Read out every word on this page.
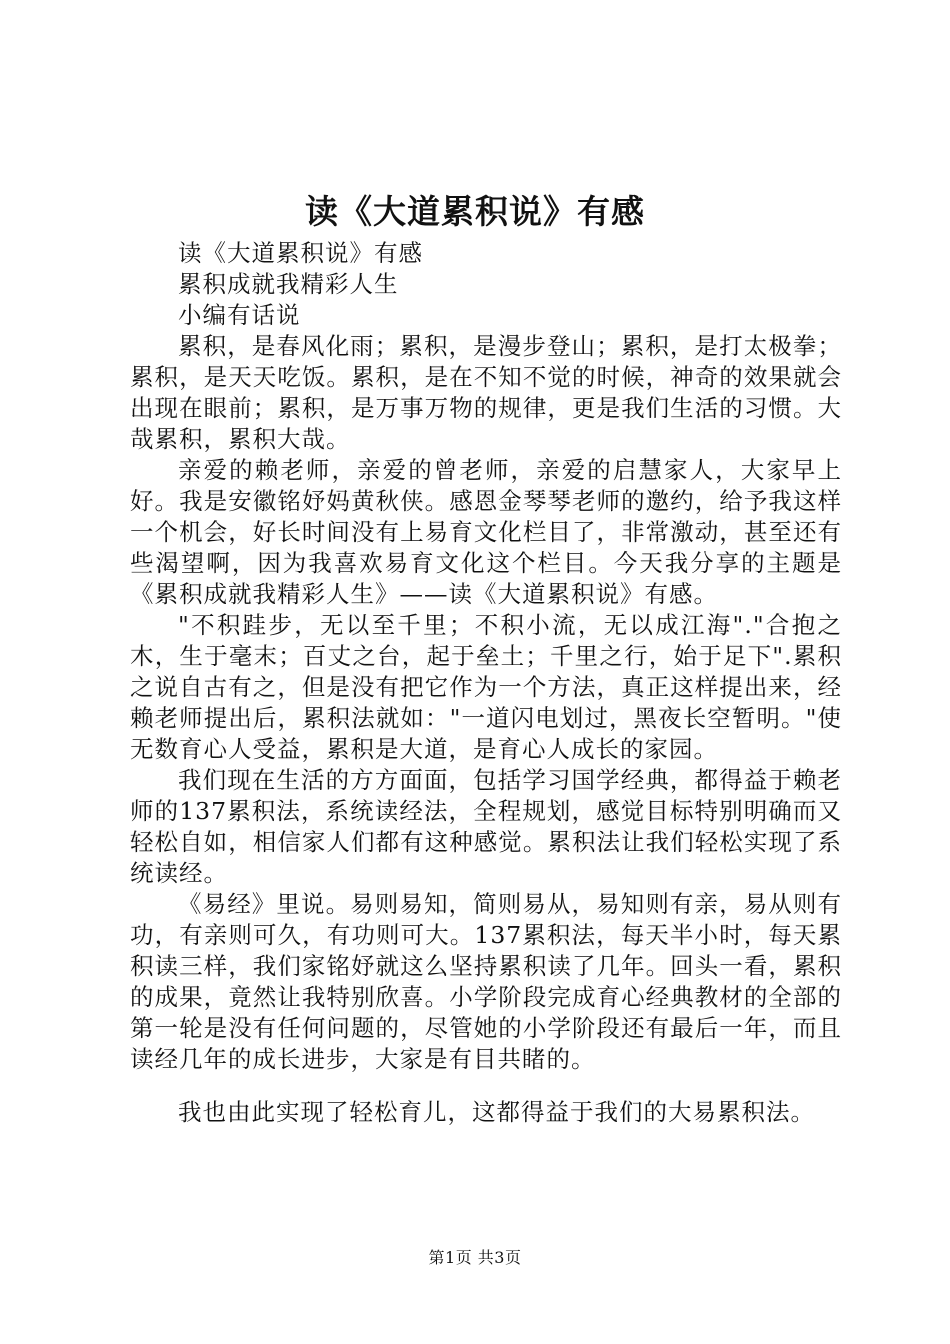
读《大道累积说》有感

读《大道累积说》有感

累积成就我精彩人生

小编有话说

累积，是春风化雨；累积，是漫步登山；累积，是打太极拳；累积，是天天吃饭。累积，是在不知不觉的时候，神奇的效果就会出现在眼前；累积，是万事万物的规律，更是我们生活的习惯。大哉累积，累积大哉。

亲爱的赖老师，亲爱的曾老师，亲爱的启慧家人，大家早上好。我是安徽铭妤妈黄秋侠。感恩金琴琴老师的邀约，给予我这样一个机会，好长时间没有上易育文化栏目了，非常激动，甚至还有些渴望啊，因为我喜欢易育文化这个栏目。今天我分享的主题是《累积成就我精彩人生》——读《大道累积说》有感。

"不积跬步，无以至千里；不积小流，无以成江海"."合抱之木，生于毫末；百丈之台，起于垒土；千里之行，始于足下".累积之说自古有之，但是没有把它作为一个方法，真正这样提出来，经赖老师提出后，累积法就如："一道闪电划过，黑夜长空暂明。"使无数育心人受益，累积是大道，是育心人成长的家园。

我们现在生活的方方面面，包括学习国学经典，都得益于赖老师的137累积法，系统读经法，全程规划，感觉目标特别明确而又轻松自如，相信家人们都有这种感觉。累积法让我们轻松实现了系统读经。

《易经》里说。易则易知，简则易从，易知则有亲，易从则有功，有亲则可久，有功则可大。137累积法，每天半小时，每天累积读三样，我们家铭妤就这么坚持累积读了几年。回头一看，累积的成果，竟然让我特别欣喜。小学阶段完成育心经典教材的全部的第一轮是没有任何问题的，尽管她的小学阶段还有最后一年，而且读经几年的成长进步，大家是有目共睹的。

我也由此实现了轻松育儿，这都得益于我们的大易累积法。

第1页 共3页
